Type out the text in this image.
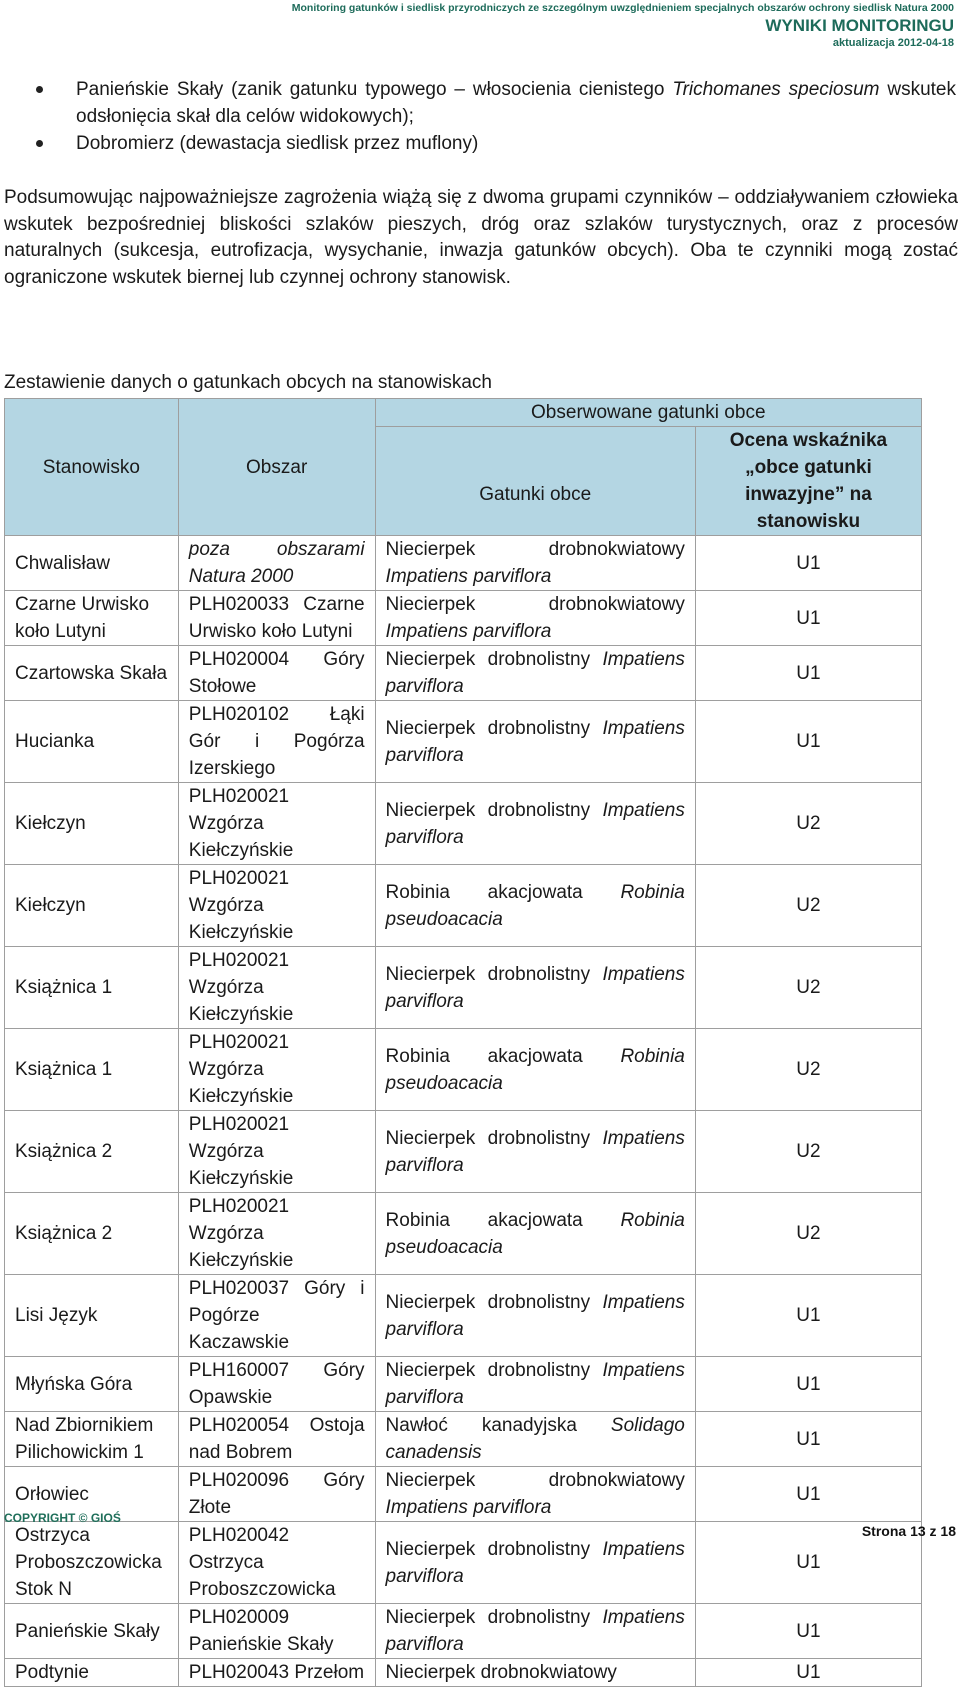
Monitoring gatunków i siedlisk przyrodniczych ze szczególnym uwzględnieniem specjalnych obszarów ochrony siedlisk Natura 2000
WYNIKI MONITORINGU
aktualizacja 2012-04-18
Panieńskie Skały (zanik gatunku typowego – włosocienia cienistego Trichomanes speciosum wskutek odsłonięcia skał dla celów widokowych);
Dobromierz (dewastacja siedlisk przez muflony)

Podsumowując najpoważniejsze zagrożenia wiążą się z dwoma grupami czynników – oddziaływaniem człowieka wskutek bezpośredniej bliskości szlaków pieszych, dróg oraz szlaków turystycznych, oraz z procesów naturalnych (sukcesja, eutrofizacja, wysychanie, inwazja gatunków obcych). Oba te czynniki mogą zostać ograniczone wskutek biernej lub czynnej ochrony stanowisk.

Zestawienie danych o gatunkach obcych na stanowiskach

Stanowisko	Obszar	Obserwowane gatunki obce	
		Gatunki obce	Ocena wskaźnika „obce gatunki inwazyjne” na stanowisku
Chwalisław	poza obszarami Natura 2000	Niecierpek drobnokwiatowy Impatiens parviflora	U1
Czarne Urwisko koło Lutyni	PLH020033 Czarne Urwisko koło Lutyni	Niecierpek drobnokwiatowy Impatiens parviflora	U1
Czartowska Skała	PLH020004 Góry Stołowe	Niecierpek drobnolistny Impatiens parviflora	U1
Hucianka	PLH020102 Łąki Gór i Pogórza Izerskiego	Niecierpek drobnolistny Impatiens parviflora	U1
Kiełczyn	PLH020021 Wzgórza Kiełczyńskie	Niecierpek drobnolistny Impatiens parviflora	U2
Kiełczyn	PLH020021 Wzgórza Kiełczyńskie	Robinia akacjowata Robinia pseudoacacia	U2
Książnica 1	PLH020021 Wzgórza Kiełczyńskie	Niecierpek drobnolistny Impatiens parviflora	U2
Książnica 1	PLH020021 Wzgórza Kiełczyńskie	Robinia akacjowata Robinia pseudoacacia	U2
Książnica 2	PLH020021 Wzgórza Kiełczyńskie	Niecierpek drobnolistny Impatiens parviflora	U2
Książnica 2	PLH020021 Wzgórza Kiełczyńskie	Robinia akacjowata Robinia pseudoacacia	U2
Lisi Język	PLH020037 Góry i Pogórze Kaczawskie	Niecierpek drobnolistny Impatiens parviflora	U1
Młyńska Góra	PLH160007 Góry Opawskie	Niecierpek drobnolistny Impatiens parviflora	U1
Nad Zbiornikiem Pilichowickim 1	PLH020054 Ostoja nad Bobrem	Nawłoć kanadyjska Solidago canadensis	U1
Orłowiec	PLH020096 Góry Złote	Niecierpek drobnokwiatowy Impatiens parviflora	U1
Ostrzyca Proboszczowicka Stok N	PLH020042 Ostrzyca Proboszczowicka	Niecierpek drobnolistny Impatiens parviflora	U1
Panieńskie Skały	PLH020009 Panieńskie Skały	Niecierpek drobnolistny Impatiens parviflora	U1
Podtynie	PLH020043 Przełom	Niecierpek drobnokwiatowy	U1
COPYRIGHT © GIOŚ
Strona 13 z 18
